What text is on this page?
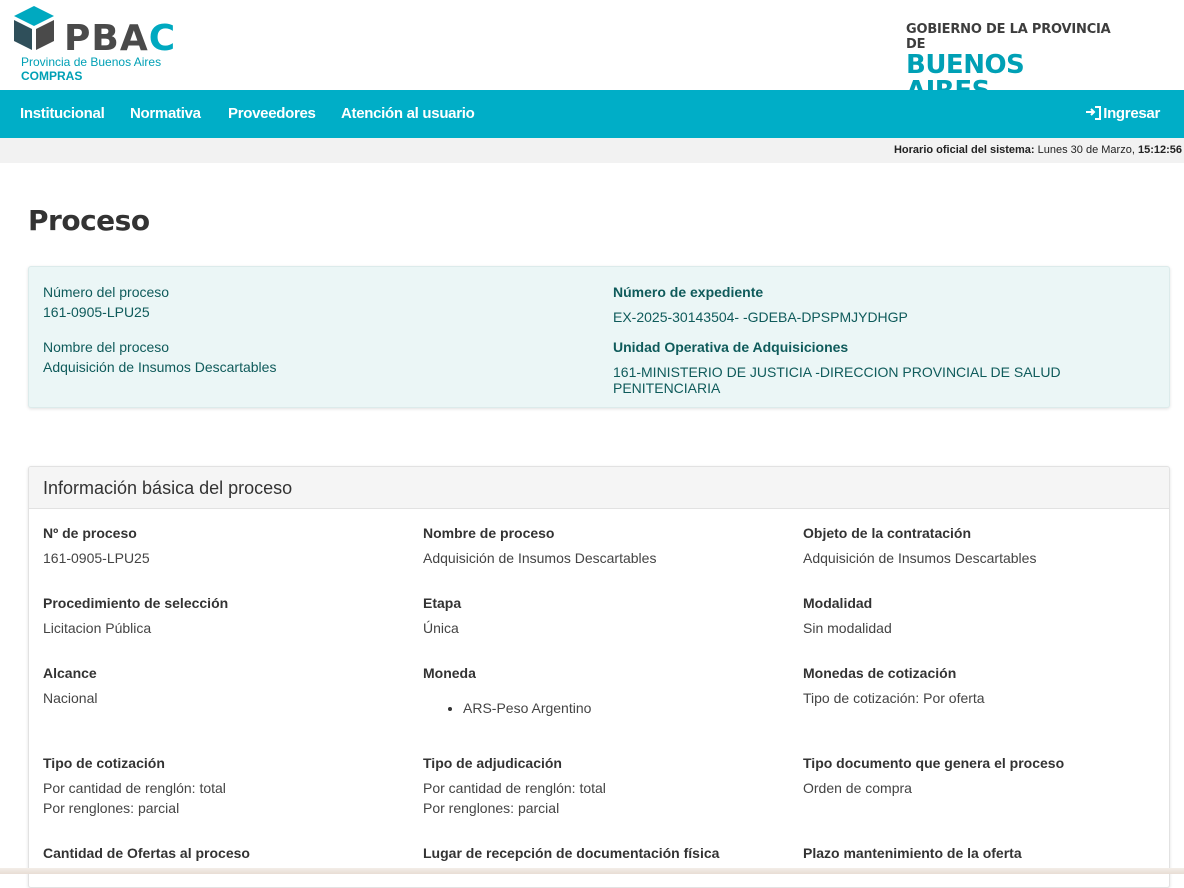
PBAC
Provincia de Buenos Aires
COMPRAS
GOBIERNO DE LA PROVINCIA DE
BUENOS
Institucional Normativa Proveedores Atención al usuario	Ingresar
Horario oficial del sistema: Lunes 30 de Marzo, 15:12:56
Proceso
Número del proceso
161-0905-LPU25
Nombre del proceso
Adquisición de Insumos Descartables
Número de expediente
EX-2025-30143504- -GDEBA-DPSPMJYDHGP
Unidad Operativa de Adquisiciones
161-MINISTERIO DE JUSTICIA -DIRECCION PROVINCIAL DE SALUD PENITENCIARIA
Información básica del proceso
Nº de proceso
161-0905-LPU25
Nombre de proceso
Adquisición de Insumos Descartables
Objeto de la contratación
Adquisición de Insumos Descartables
Procedimiento de selección
Licitacion Pública
Etapa
Única
Modalidad
Sin modalidad
Alcance
Nacional
Moneda
ARS-Peso Argentino
Monedas de cotización
Tipo de cotización: Por oferta
Tipo de cotización
Por cantidad de renglón: total
Por renglones: parcial
Tipo de adjudicación
Por cantidad de renglón: total
Por renglones: parcial
Tipo documento que genera el proceso
Orden de compra
Cantidad de Ofertas al proceso	Lugar de recepción de documentación física	Plazo mantenimiento de la oferta
